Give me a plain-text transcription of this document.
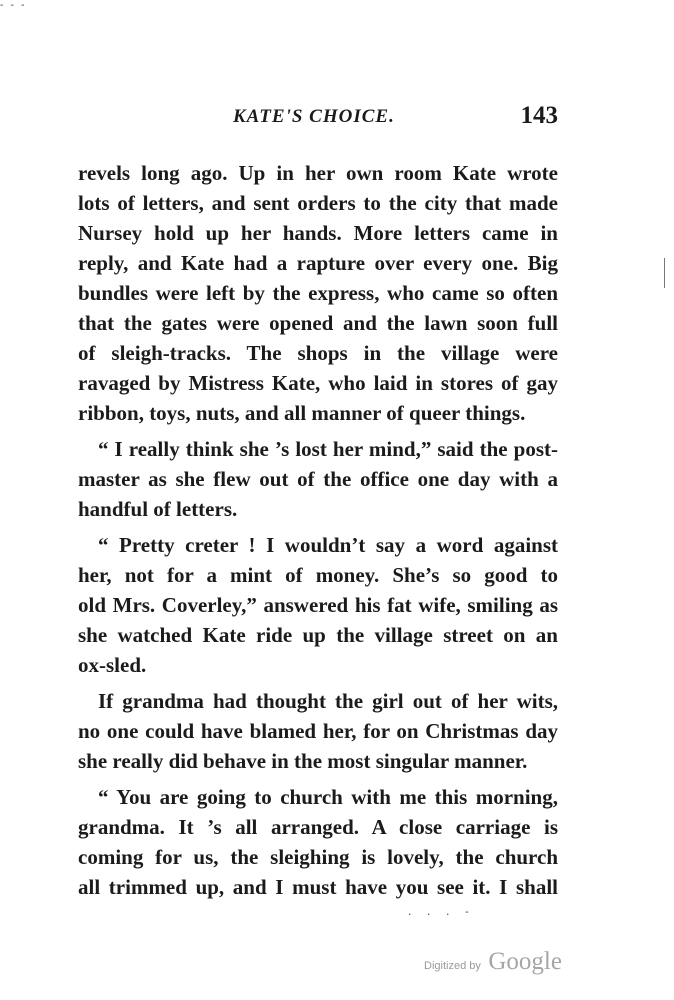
- - -
KATE'S CHOICE.	143
revels long ago. Up in her own room Kate wrote
lots of letters, and sent orders to the city that made
Nursey hold up her hands. More letters came in
reply, and Kate had a rapture over every one. Big
bundles were left by the express, who came so often
that the gates were opened and the lawn soon full
of sleigh-tracks. The shops in the village were
ravaged by Mistress Kate, who laid in stores of gay
ribbon, toys, nuts, and all manner of queer things.
“ I really think she ’s lost her mind,” said the post-
master as she flew out of the office one day with a
handful of letters.
“ Pretty creter ! I wouldn’t say a word against
her, not for a mint of money. She’s so good to
old Mrs. Coverley,” answered his fat wife, smiling as
she watched Kate ride up the village street on an
ox-sled.
If grandma had thought the girl out of her wits,
no one could have blamed her, for on Christmas day
she really did behave in the most singular manner.
“ You are going to church with me this morning,
grandma. It ’s all arranged. A close carriage is
coming for us, the sleighing is lovely, the church
all trimmed up, and I must have you see it. I shall
. . . -
Digitized by Google
